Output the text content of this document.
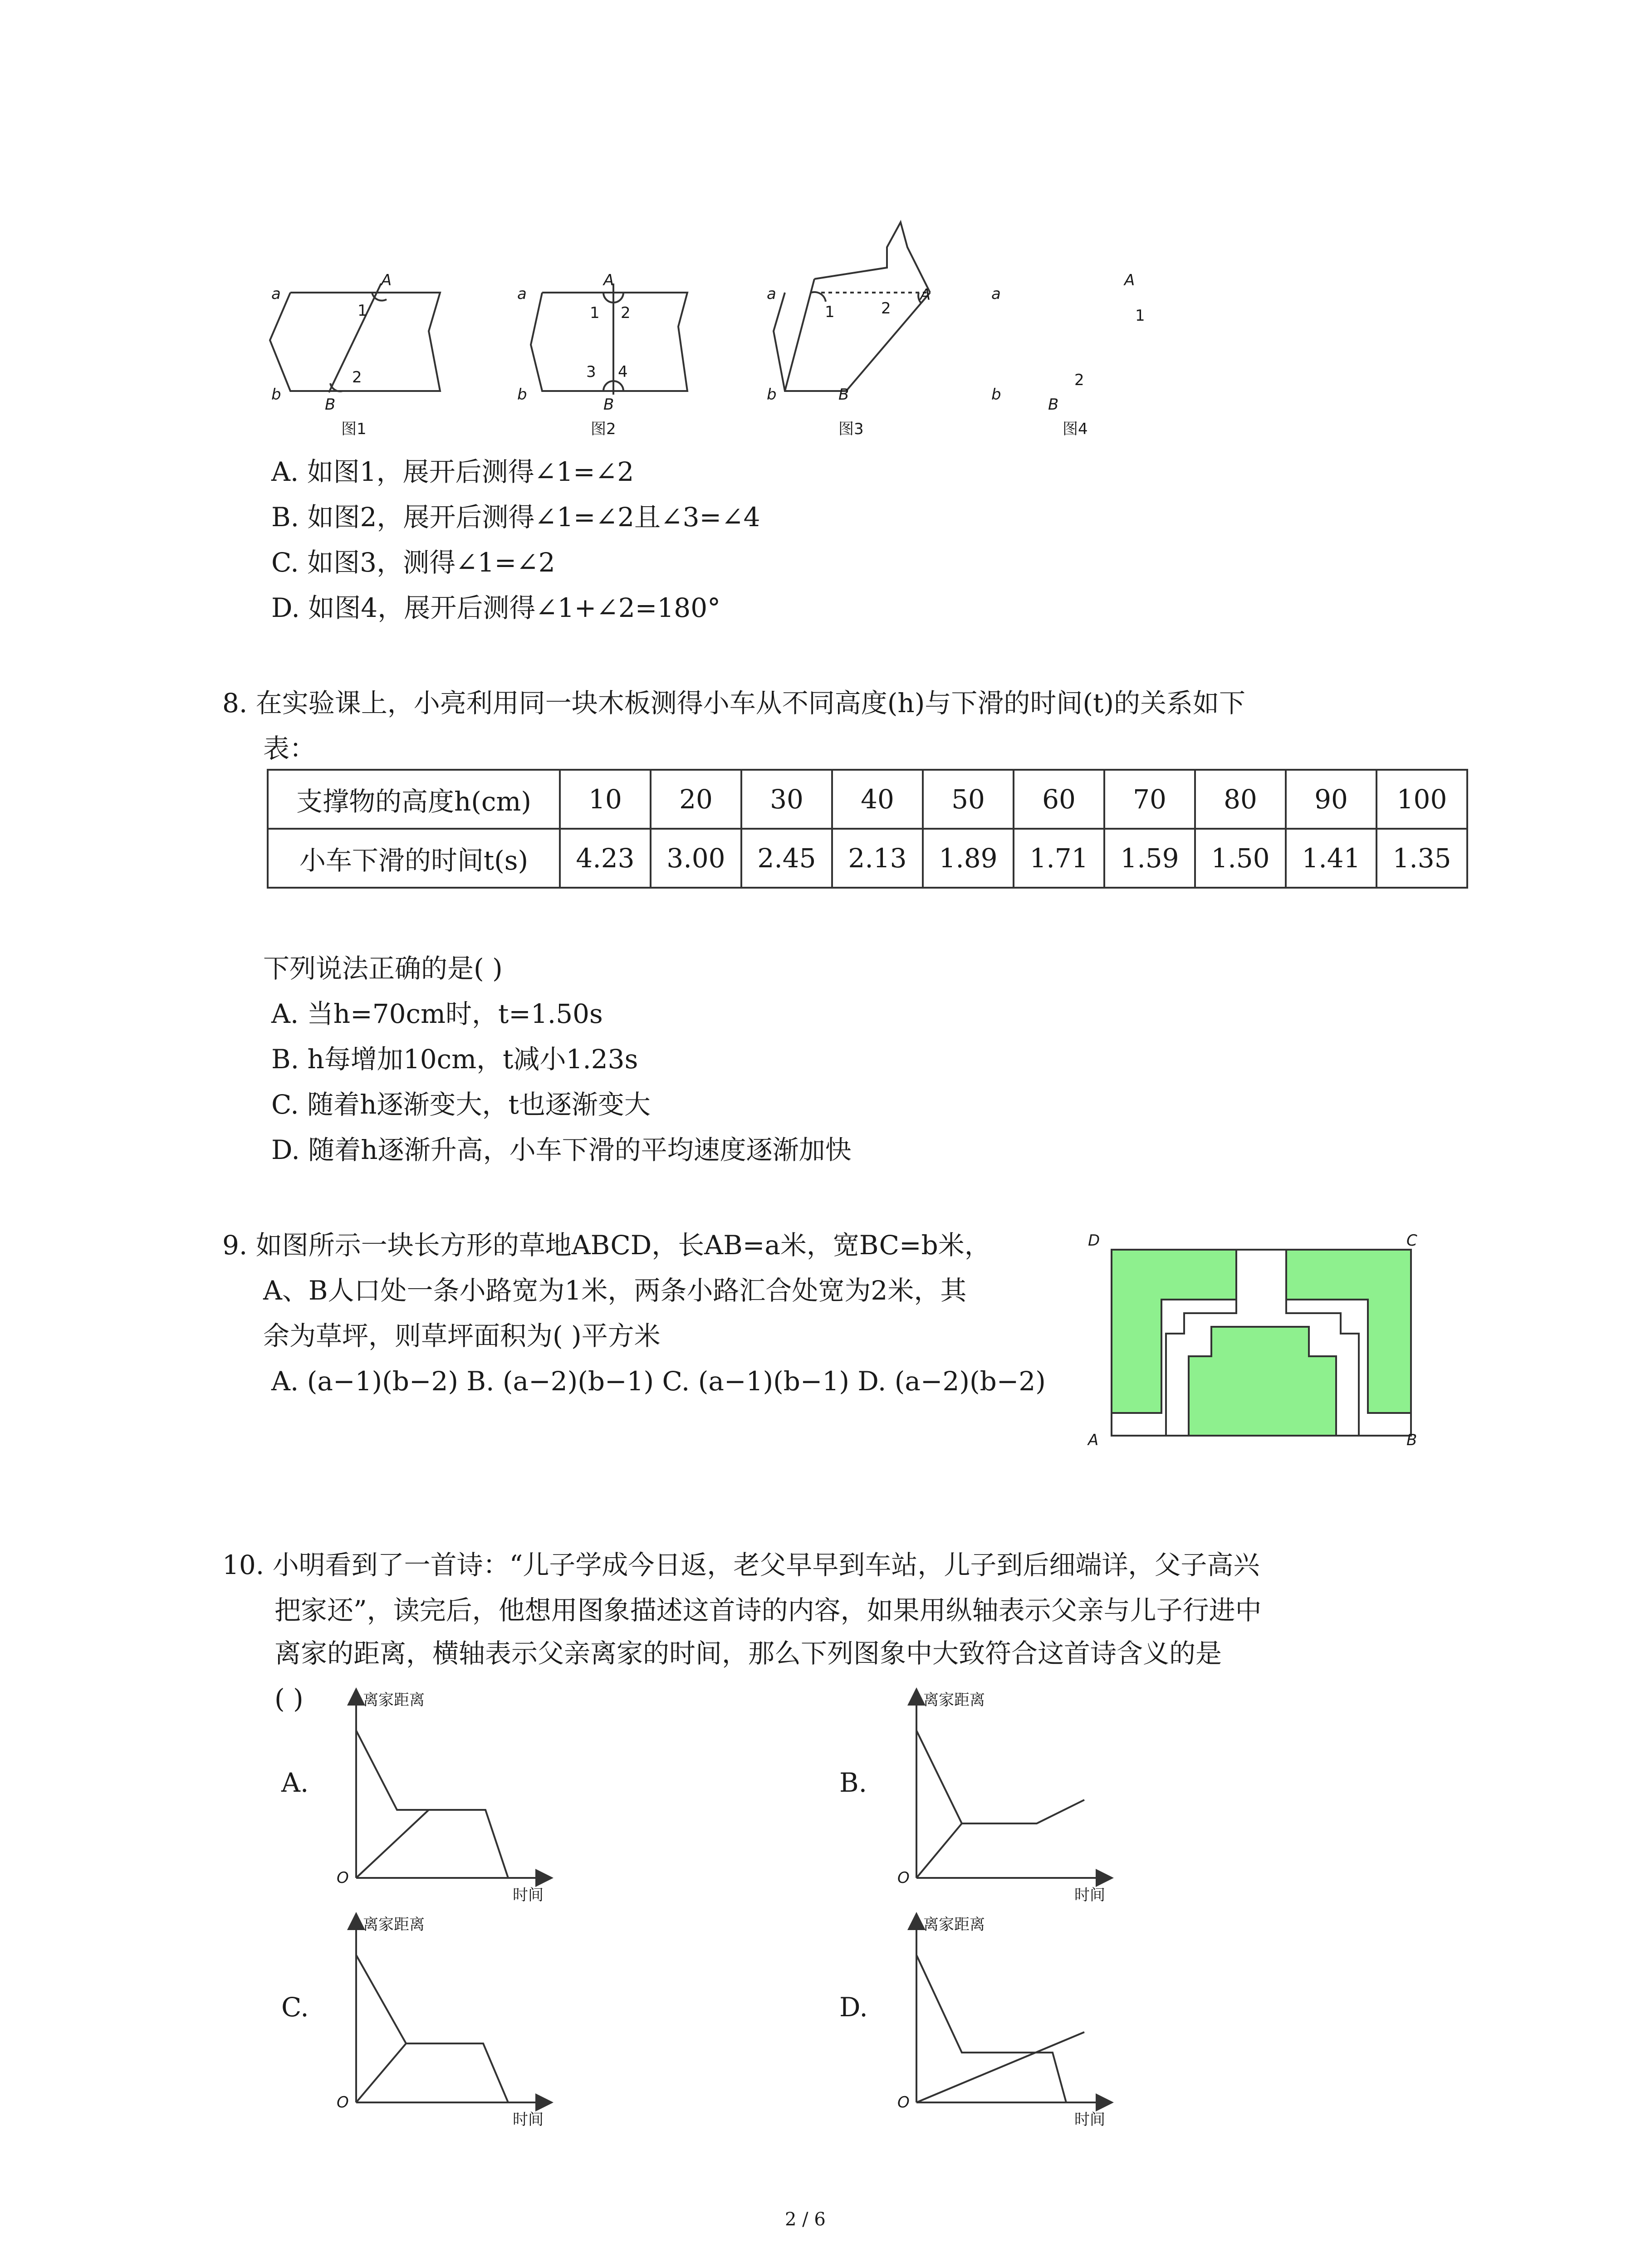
a
b
A
B
1
2
图1
a
b
A
B
1 2
3 4
图2
a
b
A
B
1	2
图3
a
b
A
B
1
2
图4
A. 如图1，展开后测得∠1=∠2
B. 如图2，展开后测得∠1=∠2且∠3=∠4
C. 如图3，测得∠1=∠2
D. 如图4，展开后测得∠1+∠2=180°
8. 在实验课上，小亮利用同一块木板测得小车从不同高度(h)与下滑的时间(t)的关系如下
表：
支撑物的高度h(cm)	10	20	30	40	50	60	70	80	90	100
小车下滑的时间t(s)	4.23	3.00	2.45	2.13	1.89	1.71	1.59	1.50	1.41	1.35
下列说法正确的是( )
A. 当h=70cm时，t=1.50s
B. h每增加10cm，t减小1.23s
C. 随着h逐渐变大，t也逐渐变大
D. 随着h逐渐升高，小车下滑的平均速度逐渐加快
9. 如图所示一块长方形的草地ABCD，长AB=a米，宽BC=b米，
A、B人口处一条小路宽为1米，两条小路汇合处宽为2米，其
余为草坪，则草坪面积为( )平方米
A. (a−1)(b−2) B. (a−2)(b−1) C. (a−1)(b−1) D. (a−2)(b−2)
D	C
A	B
10. 小明看到了一首诗：“儿子学成今日返，老父早早到车站，儿子到后细端详，父子高兴
把家还”，读完后，他想用图象描述这首诗的内容，如果用纵轴表示父亲与儿子行进中
离家的距离，横轴表示父亲离家的时间，那么下列图象中大致符合这首诗含义的是
( )	离家距离
时间
O
A.
离家距离
时间
O
B.
离家距离
时间
O
C.
离家距离
时间
O
D.
2 / 6
